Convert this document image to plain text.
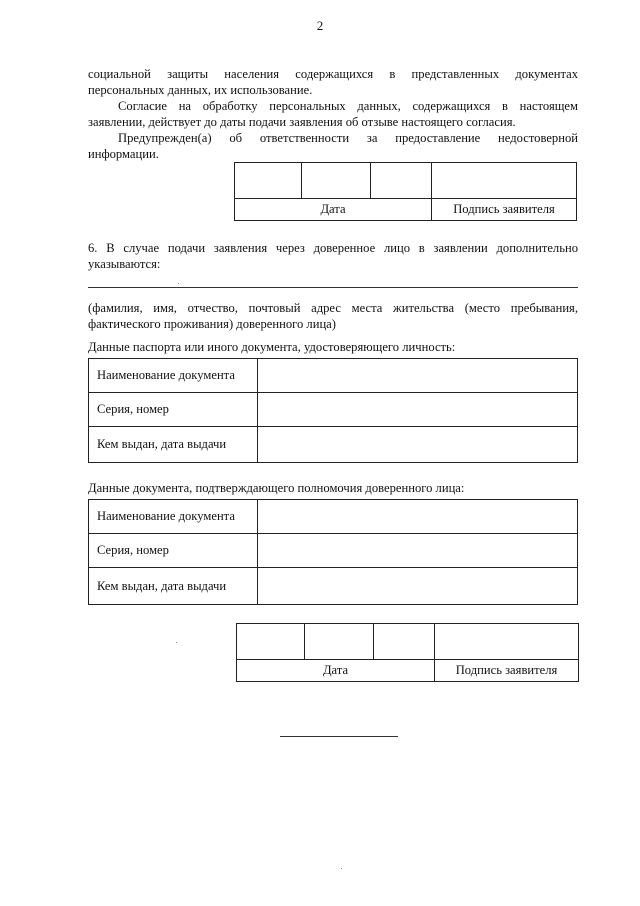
2
социальной защиты населения содержащихся в представленных документах
персональных данных, их использование.
Согласие на обработку персональных данных, содержащихся в настоящем
заявлении, действует до даты подачи заявления об отзыве настоящего согласия.
Предупрежден(а) об ответственности за предоставление недостоверной
информации.

Дата			Подпись заявителя
6. В случае подачи заявления через доверенное лицо в заявлении дополнительно
указываются:
(фамилия, имя, отчество, почтовый адрес места жительства (место пребывания,
фактического проживания) доверенного лица)
Данные паспорта или иного документа, удостоверяющего личность:
Наименование документа	
Серия, номер	
Кем выдан, дата выдачи	
Данные документа, подтверждающего полномочия доверенного лица:
Наименование документа	
Серия, номер	
Кем выдан, дата выдачи	

Дата			Подпись заявителя
